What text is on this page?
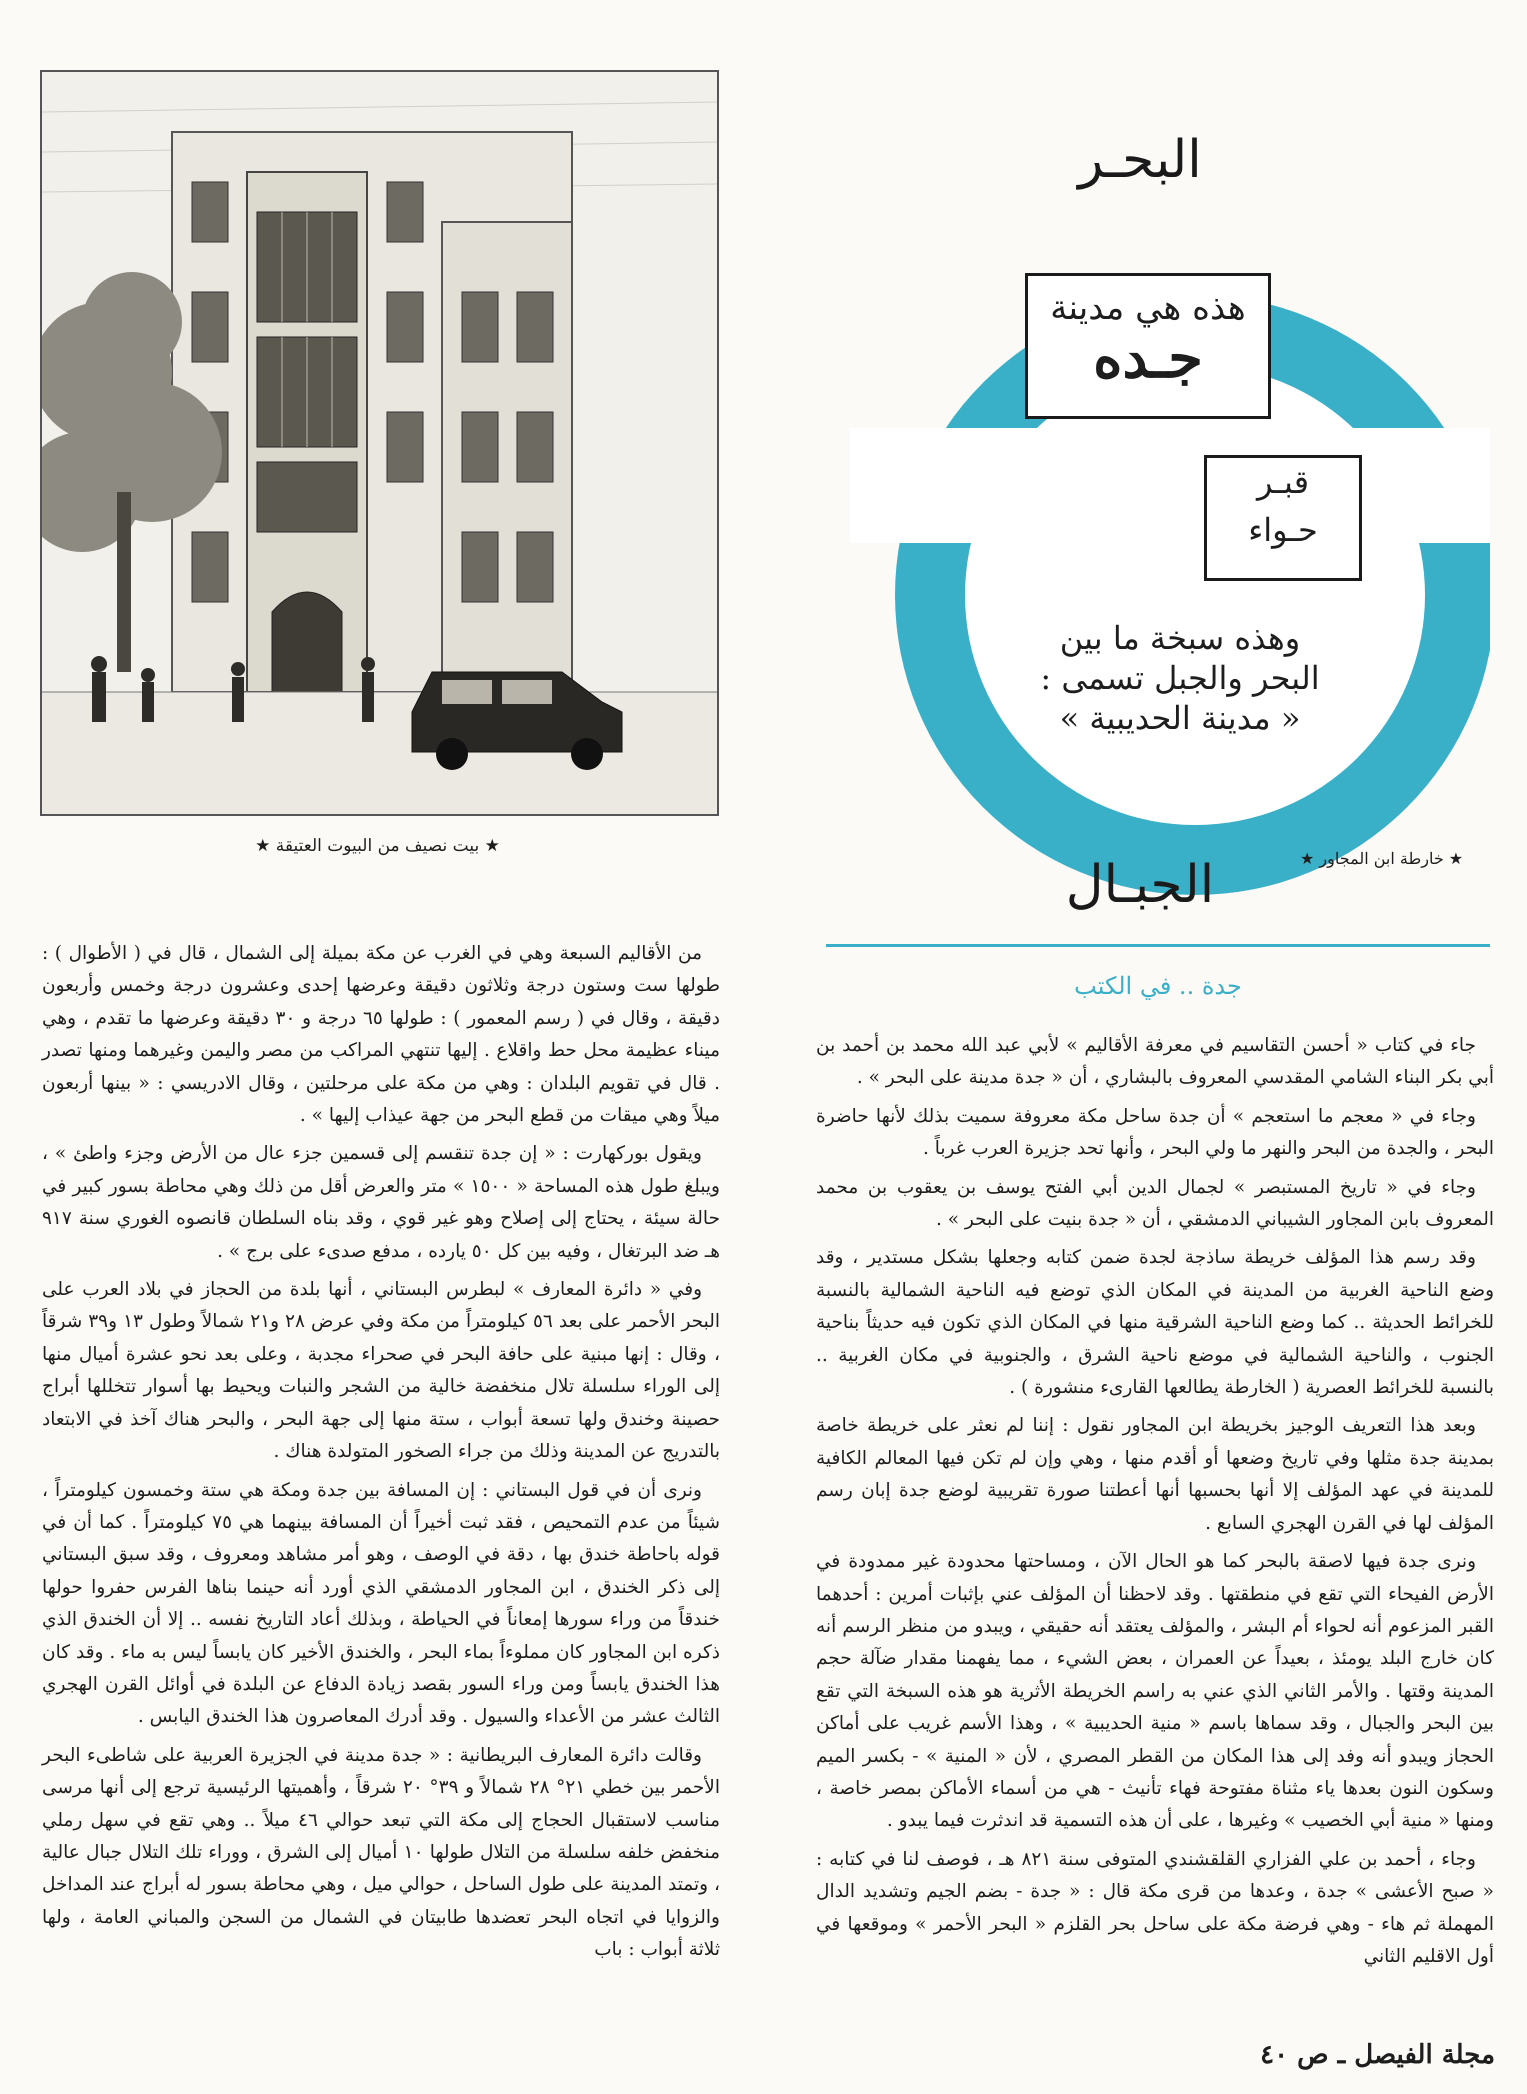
★ بيت نصيف من البيوت العتيقة ★
البحـر
الجبـال
هذه هي مدينة
جـده
قبـر
حـواء
وهذه سبخة ما بين
البحر والجبل تسمى :
« مدينة الحديبية »
★ خارطة ابن المجاور ★
جدة .. في الكتب

جاء في كتاب « أحسن التقاسيم في معرفة الأقاليم » لأبي عبد الله محمد بن أحمد بن أبي بكر البناء الشامي المقدسي المعروف بالبشاري ، أن « جدة مدينة على البحر » .

وجاء في « معجم ما استعجم » أن جدة ساحل مكة معروفة سميت بذلك لأنها حاضرة البحر ، والجدة من البحر والنهر ما ولي البحر ، وأنها تحد جزيرة العرب غرباً .

وجاء في « تاريخ المستبصر » لجمال الدين أبي الفتح يوسف بن يعقوب بن محمد المعروف بابن المجاور الشيباني الدمشقي ، أن « جدة بنيت على البحر » .

وقد رسم هذا المؤلف خريطة ساذجة لجدة ضمن كتابه وجعلها بشكل مستدير ، وقد وضع الناحية الغربية من المدينة في المكان الذي توضع فيه الناحية الشمالية بالنسبة للخرائط الحديثة .. كما وضع الناحية الشرقية منها في المكان الذي تكون فيه حديثاً بناحية الجنوب ، والناحية الشمالية في موضع ناحية الشرق ، والجنوبية في مكان الغربية .. بالنسبة للخرائط العصرية ( الخارطة يطالعها القارىء منشورة ) .

وبعد هذا التعريف الوجيز بخريطة ابن المجاور نقول : إننا لم نعثر على خريطة خاصة بمدينة جدة مثلها وفي تاريخ وضعها أو أقدم منها ، وهي وإن لم تكن فيها المعالم الكافية للمدينة في عهد المؤلف إلا أنها بحسبها أنها أعطتنا صورة تقريبية لوضع جدة إبان رسم المؤلف لها في القرن الهجري السابع .

ونرى جدة فيها لاصقة بالبحر كما هو الحال الآن ، ومساحتها محدودة غير ممدودة في الأرض الفيحاء التي تقع في منطقتها . وقد لاحظنا أن المؤلف عني بإثبات أمرين : أحدهما القبر المزعوم أنه لحواء أم البشر ، والمؤلف يعتقد أنه حقيقي ، ويبدو من منظر الرسم أنه كان خارج البلد يومئذ ، بعيداً عن العمران ، بعض الشيء ، مما يفهمنا مقدار ضآلة حجم المدينة وقتها . والأمر الثاني الذي عني به راسم الخريطة الأثرية هو هذه السبخة التي تقع بين البحر والجبال ، وقد سماها باسم « منية الحديبية » ، وهذا الأسم غريب على أماكن الحجاز ويبدو أنه وفد إلى هذا المكان من القطر المصري ، لأن « المنية » - بكسر الميم وسكون النون بعدها ياء مثناة مفتوحة فهاء تأنيث - هي من أسماء الأماكن بمصر خاصة ، ومنها « منية أبي الخصيب » وغيرها ، على أن هذه التسمية قد اندثرت فيما يبدو .

وجاء ، أحمد بن علي الفزاري القلقشندي المتوفى سنة ٨٢١ هـ ، فوصف لنا في كتابه : « صبح الأعشى » جدة ، وعدها من قرى مكة قال : « جدة - بضم الجيم وتشديد الدال المهملة ثم هاء - وهي فرضة مكة على ساحل بحر القلزم « البحر الأحمر » وموقعها في أول الاقليم الثاني

من الأقاليم السبعة وهي في الغرب عن مكة بميلة إلى الشمال ، قال في ( الأطوال ) : طولها ست وستون درجة وثلاثون دقيقة وعرضها إحدى وعشرون درجة وخمس وأربعون دقيقة ، وقال في ( رسم المعمور ) : طولها ٦٥ درجة و ٣٠ دقيقة وعرضها ما تقدم ، وهي ميناء عظيمة محل حط واقلاع . إليها تنتهي المراكب من مصر واليمن وغيرهما ومنها تصدر . قال في تقويم البلدان : وهي من مكة على مرحلتين ، وقال الادريسي : « بينها أربعون ميلاً وهي ميقات من قطع البحر من جهة عيذاب إليها » .

ويقول بوركهارت : « إن جدة تنقسم إلى قسمين جزء عال من الأرض وجزء واطئ » ، ويبلغ طول هذه المساحة « ١٥٠٠ » متر والعرض أقل من ذلك وهي محاطة بسور كبير في حالة سيئة ، يحتاج إلى إصلاح وهو غير قوي ، وقد بناه السلطان قانصوه الغوري سنة ٩١٧ هـ ضد البرتغال ، وفيه بين كل ٥٠ يارده ، مدفع صدىء على برج » .

وفي « دائرة المعارف » لبطرس البستاني ، أنها بلدة من الحجاز في بلاد العرب على البحر الأحمر على بعد ٥٦ كيلومتراً من مكة وفي عرض ٢٨ و٢١ شمالاً وطول ١٣ و٣٩ شرقاً ، وقال : إنها مبنية على حافة البحر في صحراء مجدبة ، وعلى بعد نحو عشرة أميال منها إلى الوراء سلسلة تلال منخفضة خالية من الشجر والنبات ويحيط بها أسوار تتخللها أبراج حصينة وخندق ولها تسعة أبواب ، ستة منها إلى جهة البحر ، والبحر هناك آخذ في الابتعاد بالتدريج عن المدينة وذلك من جراء الصخور المتولدة هناك .

ونرى أن في قول البستاني : إن المسافة بين جدة ومكة هي ستة وخمسون كيلومتراً ، شيئاً من عدم التمحيص ، فقد ثبت أخيراً أن المسافة بينهما هي ٧٥ كيلومتراً . كما أن في قوله باحاطة خندق بها ، دقة في الوصف ، وهو أمر مشاهد ومعروف ، وقد سبق البستاني إلى ذكر الخندق ، ابن المجاور الدمشقي الذي أورد أنه حينما بناها الفرس حفروا حولها خندقاً من وراء سورها إمعاناً في الحياطة ، وبذلك أعاد التاريخ نفسه .. إلا أن الخندق الذي ذكره ابن المجاور كان مملوءاً بماء البحر ، والخندق الأخير كان يابساً ليس به ماء . وقد كان هذا الخندق يابساً ومن وراء السور بقصد زيادة الدفاع عن البلدة في أوائل القرن الهجري الثالث عشر من الأعداء والسيول . وقد أدرك المعاصرون هذا الخندق اليابس .

وقالت دائرة المعارف البريطانية : « جدة مدينة في الجزيرة العربية على شاطىء البحر الأحمر بين خطي ٢١° ٢٨ شمالاً و ٣٩° ٢٠ شرقاً ، وأهميتها الرئيسية ترجع إلى أنها مرسى مناسب لاستقبال الحجاج إلى مكة التي تبعد حوالي ٤٦ ميلاً .. وهي تقع في سهل رملي منخفض خلفه سلسلة من التلال طولها ١٠ أميال إلى الشرق ، ووراء تلك التلال جبال عالية ، وتمتد المدينة على طول الساحل ، حوالي ميل ، وهي محاطة بسور له أبراج عند المداخل والزوايا في اتجاه البحر تعضدها طابيتان في الشمال من السجن والمباني العامة ، ولها ثلاثة أبواب : باب

مجلة الفيصل ـ ص ٤٠
